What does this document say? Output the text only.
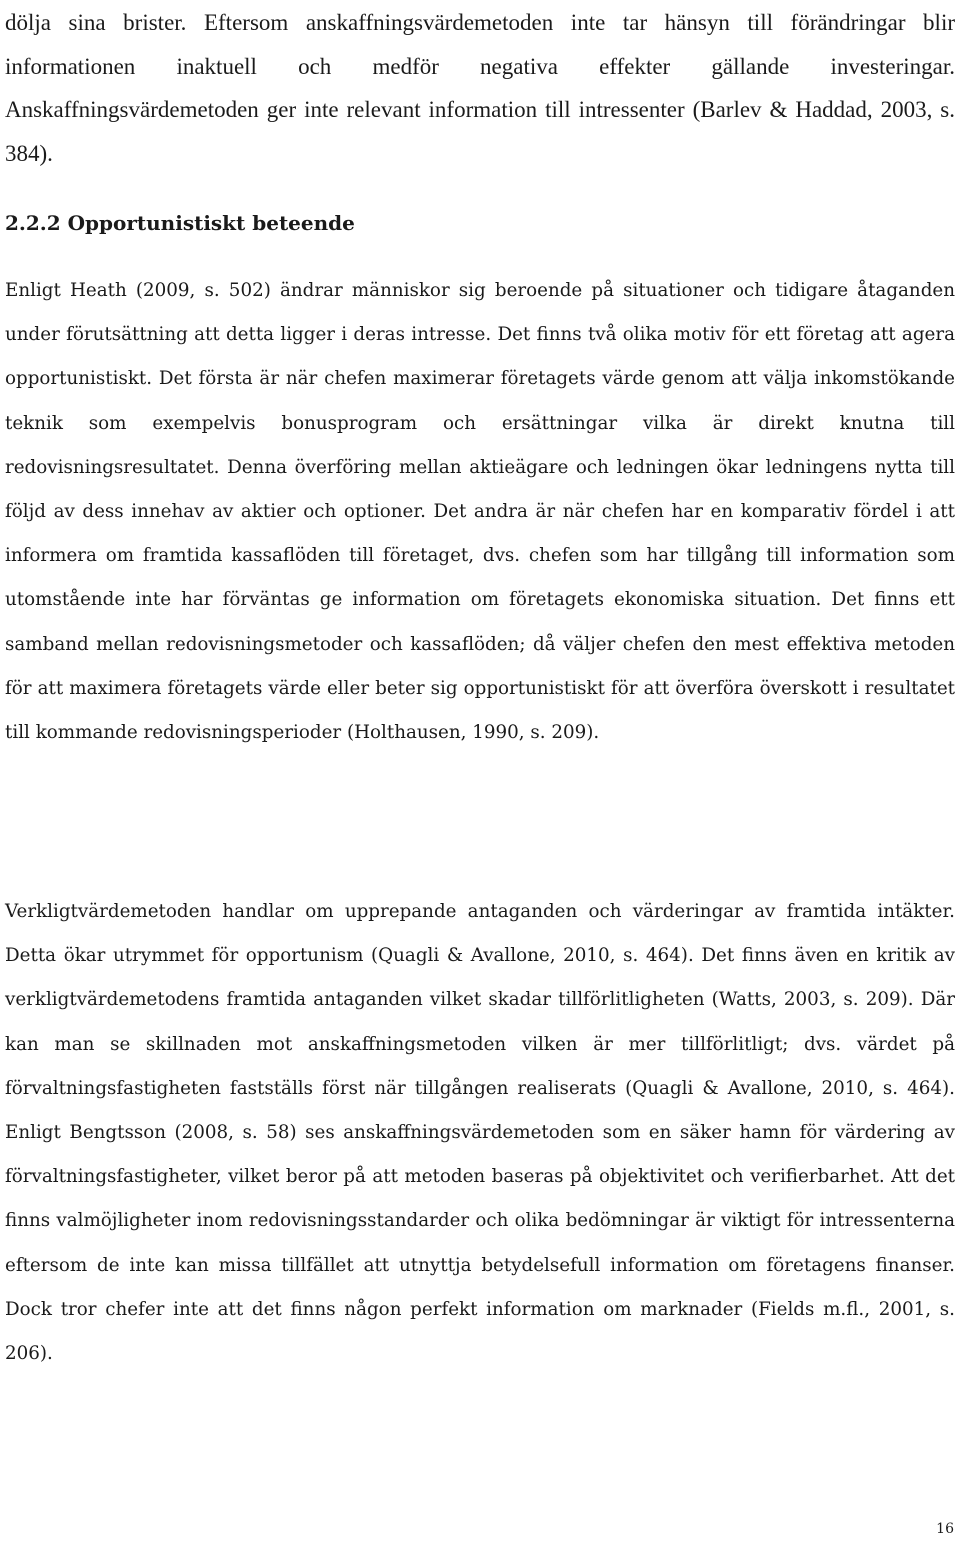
dölja sina brister. Eftersom anskaffningsvärdemetoden inte tar hänsyn till förändringar blir informationen inaktuell och medför negativa effekter gällande investeringar. Anskaffningsvärdemetoden ger inte relevant information till intressenter (Barlev & Haddad, 2003, s. 384).

2.2.2 Opportunistiskt beteende

Enligt Heath (2009, s. 502) ändrar människor sig beroende på situationer och tidigare åtaganden under förutsättning att detta ligger i deras intresse. Det finns två olika motiv för ett företag att agera opportunistiskt. Det första är när chefen maximerar företagets värde genom att välja inkomstökande teknik som exempelvis bonusprogram och ersättningar vilka är direkt knutna till redovisningsresultatet. Denna överföring mellan aktieägare och ledningen ökar ledningens nytta till följd av dess innehav av aktier och optioner. Det andra är när chefen har en komparativ fördel i att informera om framtida kassaflöden till företaget, dvs. chefen som har tillgång till information som utomstående inte har förväntas ge information om företagets ekonomiska situation. Det finns ett samband mellan redovisningsmetoder och kassaflöden; då väljer chefen den mest effektiva metoden för att maximera företagets värde eller beter sig opportunistiskt för att överföra överskott i resultatet till kommande redovisningsperioder (Holthausen, 1990, s. 209).

Verkligtvärdemetoden handlar om upprepande antaganden och värderingar av framtida intäkter. Detta ökar utrymmet för opportunism (Quagli & Avallone, 2010, s. 464). Det finns även en kritik av verkligtvärdemetodens framtida antaganden vilket skadar tillförlitligheten (Watts, 2003, s. 209). Där kan man se skillnaden mot anskaffningsmetoden vilken är mer tillförlitligt; dvs. värdet på förvaltningsfastigheten fastställs först när tillgången realiserats (Quagli & Avallone, 2010, s. 464). Enligt Bengtsson (2008, s. 58) ses anskaffningsvärdemetoden som en säker hamn för värdering av förvaltningsfastigheter, vilket beror på att metoden baseras på objektivitet och verifierbarhet. Att det finns valmöjligheter inom redovisningsstandarder och olika bedömningar är viktigt för intressenterna eftersom de inte kan missa tillfället att utnyttja betydelsefull information om företagens finanser. Dock tror chefer inte att det finns någon perfekt information om marknader (Fields m.fl., 2001, s. 206).

16
